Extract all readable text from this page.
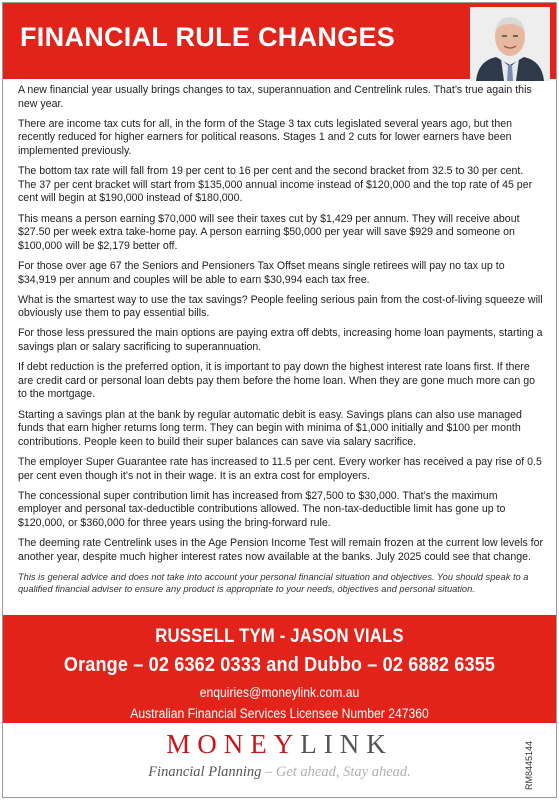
FINANCIAL RULE CHANGES

A new financial year usually brings changes to tax, superannuation and Centrelink rules. That’s true again this new year.

There are income tax cuts for all, in the form of the Stage 3 tax cuts legislated several years ago, but then recently reduced for higher earners for political reasons. Stages 1 and 2 cuts for lower earners have been implemented previously.

The bottom tax rate will fall from 19 per cent to 16 per cent and the second bracket from 32.5 to 30 per cent. The 37 per cent bracket will start from $135,000 annual income instead of $120,000 and the top rate of 45 per cent will begin at $190,000 instead of $180,000.

This means a person earning $70,000 will see their taxes cut by $1,429 per annum. They will receive about $27.50 per week extra take-home pay. A person earning $50,000 per year will save $929 and someone on $100,000 will be $2,179 better off.

For those over age 67 the Seniors and Pensioners Tax Offset means single retirees will pay no tax up to $34,919 per annum and couples will be able to earn $30,994 each tax free.

What is the smartest way to use the tax savings? People feeling serious pain from the cost-of-living squeeze will obviously use them to pay essential bills.

For those less pressured the main options are paying extra off debts, increasing home loan payments, starting a savings plan or salary sacrificing to superannuation.

If debt reduction is the preferred option, it is important to pay down the highest interest rate loans first. If there are credit card or personal loan debts pay them before the home loan. When they are gone much more can go to the mortgage.

Starting a savings plan at the bank by regular automatic debit is easy. Savings plans can also use managed funds that earn higher returns long term. They can begin with minima of $1,000 initially and $100 per month contributions. People keen to build their super balances can save via salary sacrifice.

The employer Super Guarantee rate has increased to 11.5 per cent. Every worker has received a pay rise of 0.5 per cent even though it’s not in their wage. It is an extra cost for employers.

The concessional super contribution limit has increased from $27,500 to $30,000. That’s the maximum employer and personal tax-deductible contributions allowed. The non-tax-deductible limit has gone up to $120,000, or $360,000 for three years using the bring-forward rule.

The deeming rate Centrelink uses in the Age Pension Income Test will remain frozen at the current low levels for another year, despite much higher interest rates now available at the banks. July 2025 could see that change.

This is general advice and does not take into account your personal financial situation and objectives. You should speak to a qualified financial adviser to ensure any product is appropriate to your needs, objectives and personal situation.

RUSSELL TYM - JASON VIALS
Orange – 02 6362 0333 and Dubbo – 02 6882 6355
enquiries@moneylink.com.au
Australian Financial Services Licensee Number 247360
MONEYLINK
Financial Planning – Get ahead, Stay ahead.	RM8445144
